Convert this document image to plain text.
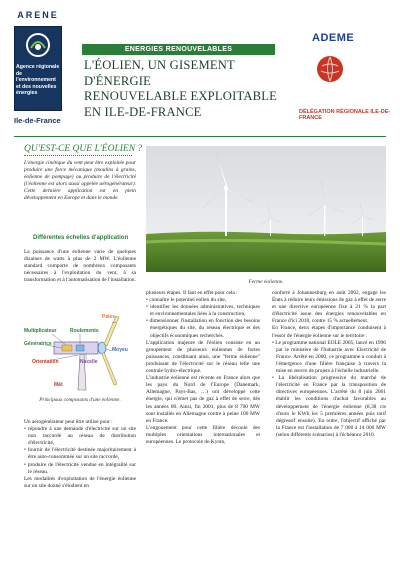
ARENE
Agence régionale de l'environnement et des nouvelles énergies
Ile-de-France
ENERGIES RENOUVELABLES
L'ÉOLIEN, UN GISEMENT D'ÉNERGIE
RENOUVELABLE EXPLOITABLE
EN ILE-DE-FRANCE
ADEME
DÉLÉGATION RÉGIONALE ILE-DE-FRANCE
QU'EST-CE QUE L'ÉOLIEN ?
L'énergie cinétique du vent peut être exploitée pour produire une force mécanique (moulins à grains, éolienne de pompage) ou produire de l'électricité (l'éolienne est alors aussi appelée aérogénérateur). Cette dernière application est en plein développement en Europe et dans le monde.
Différentes échelles d'application
La puissance d'une éolienne varie de quelques dizaines de watts à plus de 2 MW. L'éolienne standard comporte de nombreux composants nécessaires à l'exploitation du vent, à sa transformation et à l'automatisation de l'installation.	Ferme éolienne.
Pales
Multiplicateur	Roulements
Génératrice
Moyeu
Orientation	Nacelle
Mât
Principaux composants d'une éolienne.

Un aérogénérateur peut être utilisé pour :

• répondre à une demande d'électricité sur un site non raccordé au réseau de distribution d'électricité,

• fournir de l'électricité destinée majoritairement à être auto-consommée sur un site raccordé,

• produire de l'électricité vendue en intégralité sur le réseau.

Les modalités d'exploitation de l'énergie éolienne sur un site donné s'étudient en

plusieurs étapes. Il faut en effet pour cela :

• connaître le potentiel éolien du site,

• identifier les données administratives, techniques et environnementales liées à la construction,

• dimensionner l'installation en fonction des besoins énergétiques du site, du réseau électrique et des objectifs économiques recherchés.

L'application majeure de l'éolien consiste en un groupement de plusieurs éoliennes de fortes puissances, constituant ainsi, une "ferme éolienne" produisant de l'électricité sur le réseau telle une centrale hydro-électrique.

L'industrie éolienne est récente en France alors que les pays du Nord de l'Europe (Danemark, Allemagne, Pays-Bas, …) ont développé cette énergie, qui n'émet pas de gaz à effet de serre, dès les années 80. Ainsi, fin 2001, plus de 8 700 MW sont installés en Allemagne contre à peine 100 MW en France.

L'engouement pour cette filière découle des multiples orientations internationales et européennes. Le protocole de Kyoto,

conforté à Johannesburg en août 2002, engage les États à réduire leurs émissions de gaz à effet de serre et une directive européenne fixe à 21 % la part d'électricité issue des énergies renouvelables en France d'ici 2010, contre 15 % actuellement.

En France, deux étapes d'importance conduisent à l'essor de l'énergie éolienne sur le territoire :

• Le programme national EOLE 2005, lancé en 1996 par le ministère de l'Industrie avec Electricité de France. Arrêté en 2000, ce programme a conduit à l'émergence d'une filière française à travers la mise en œuvre de projets à l'échelle industrielle.

• La libéralisation progressive du marché de l'électricité en France par la transposition de directives européennes. L'arrêté du 8 juin 2001 établit les conditions d'achat favorables au développement de l'énergie éolienne (8,38 cts d'euro le KWh les 5 premières années puis tarif dégressif ensuite). En outre, l'objectif affiché par la France est l'installation de 7 000 à 14 000 MW (selon différents scénarios) à l'échéance 2010.
